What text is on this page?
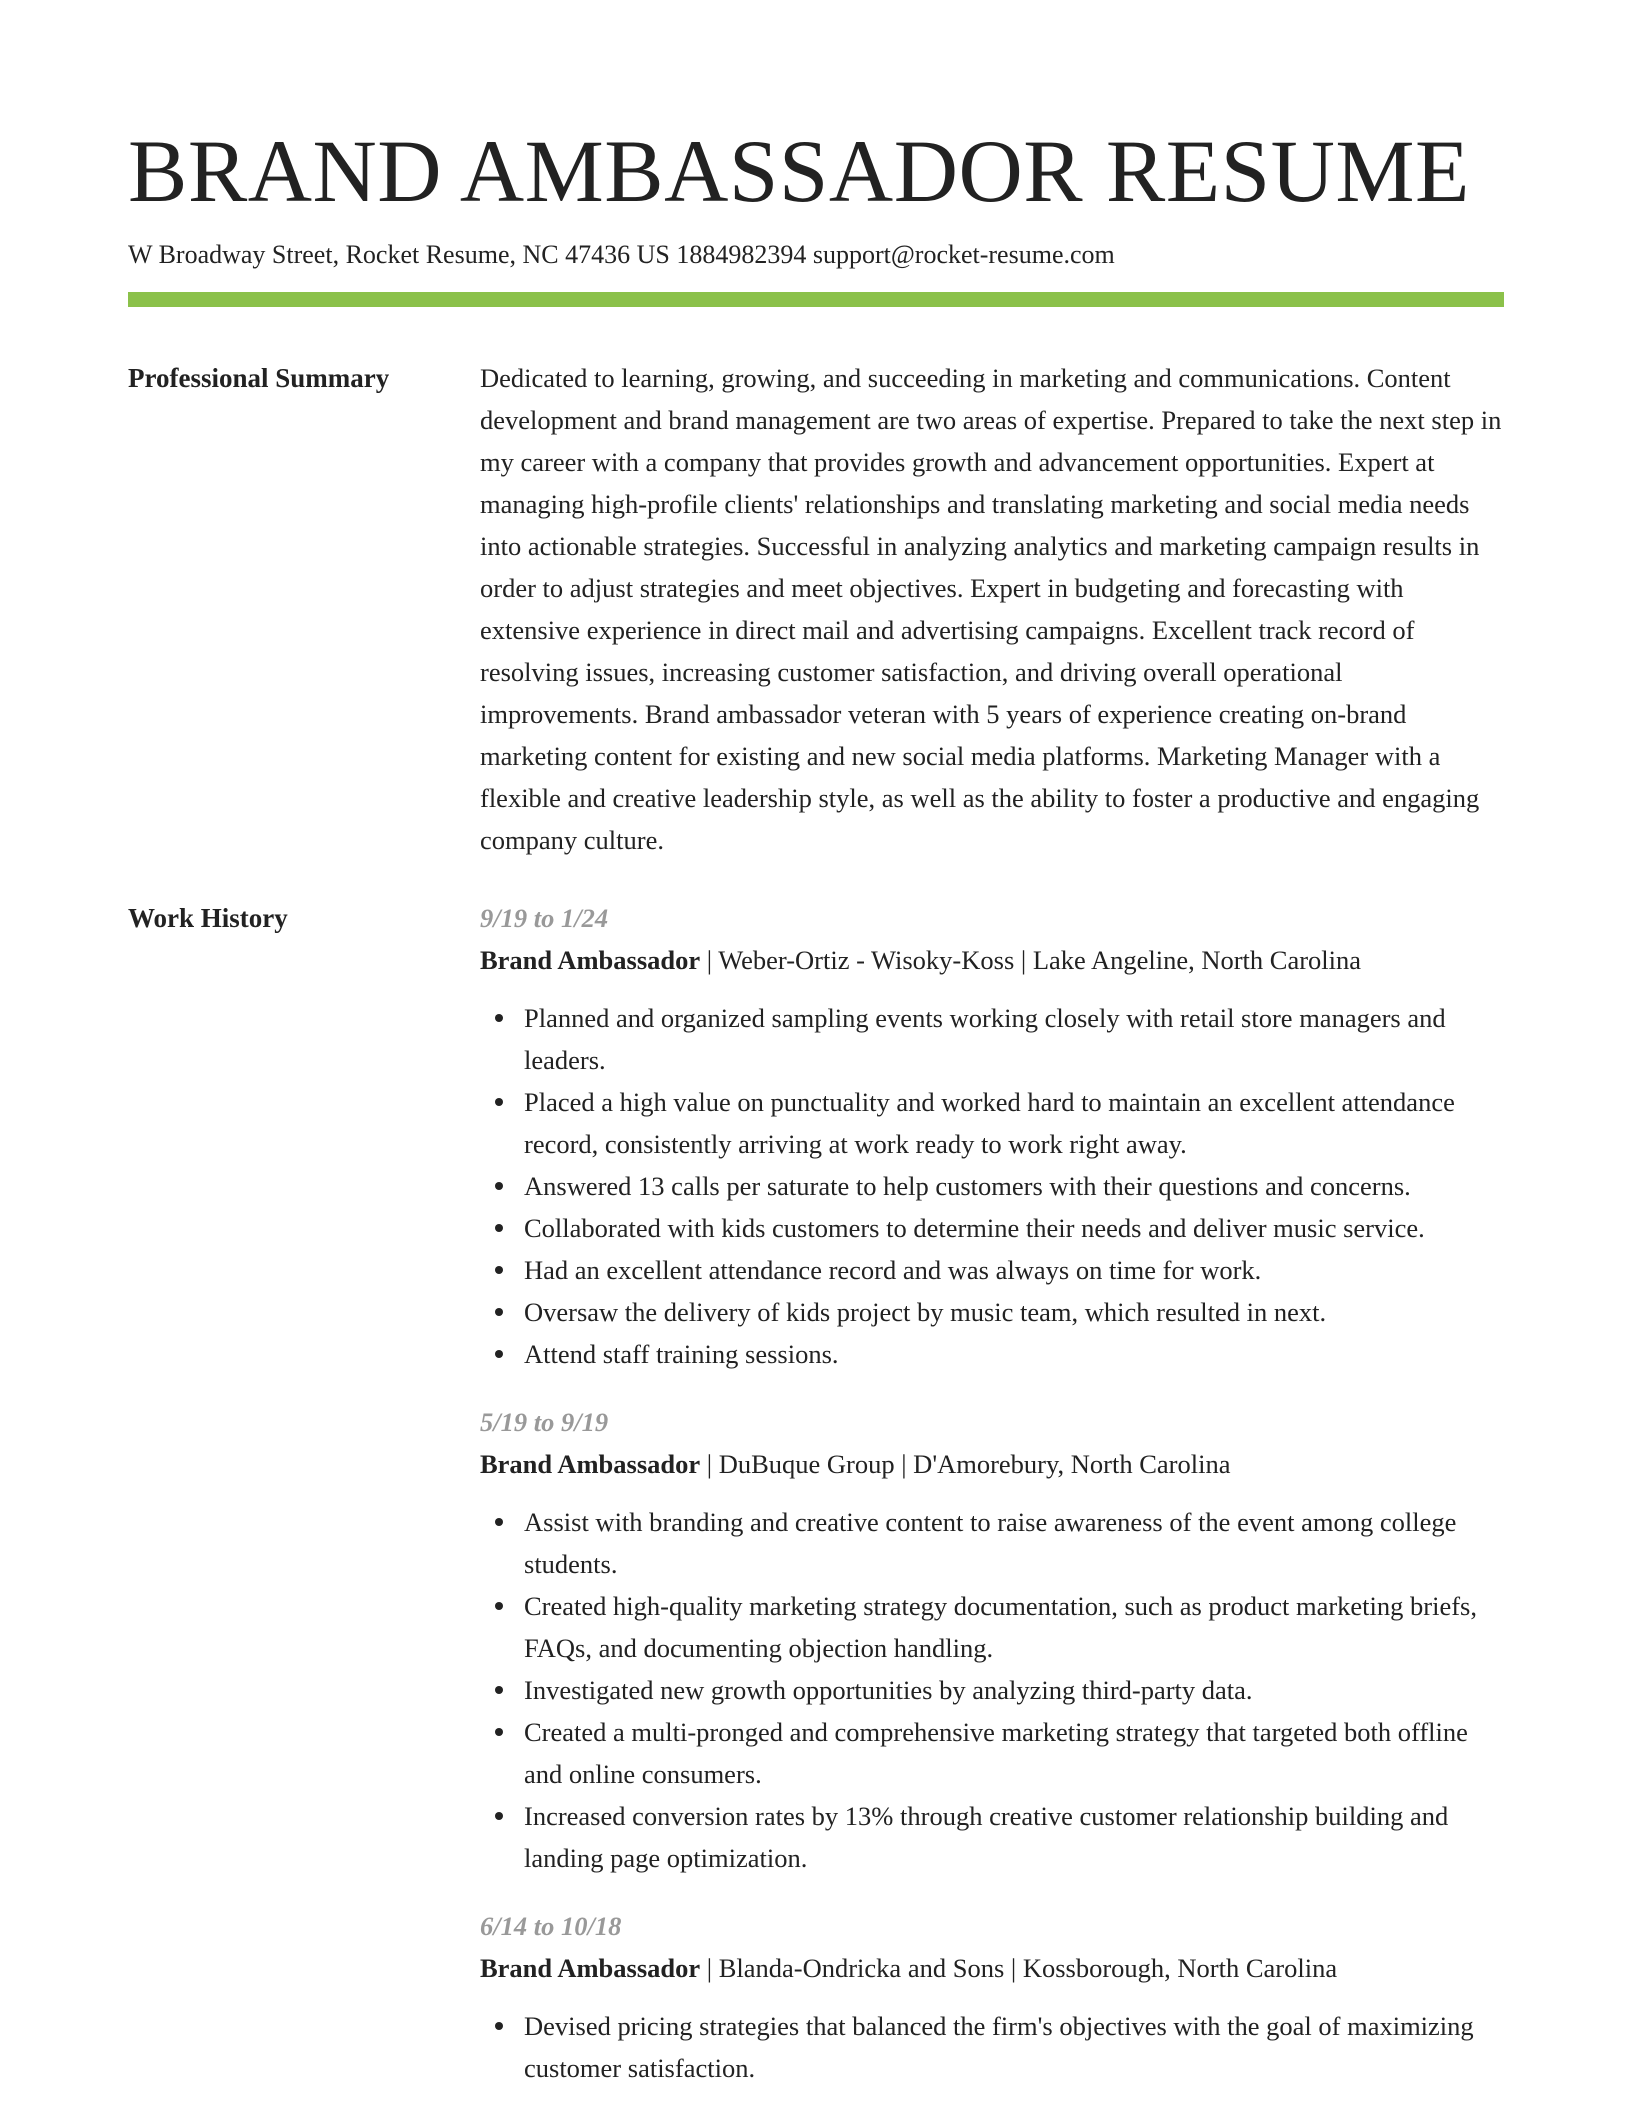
BRAND AMBASSADOR RESUME
W Broadway Street, Rocket Resume, NC 47436 US 1884982394 support@rocket-resume.com
Professional Summary	Dedicated to learning, growing, and succeeding in marketing and communications. Content development and brand management are two areas of expertise. Prepared to take the next step in my career with a company that provides growth and advancement opportunities. Expert at managing high-profile clients' relationships and translating marketing and social media needs into actionable strategies. Successful in analyzing analytics and marketing campaign results in order to adjust strategies and meet objectives. Expert in budgeting and forecasting with extensive experience in direct mail and advertising campaigns. Excellent track record of resolving issues, increasing customer satisfaction, and driving overall operational improvements. Brand ambassador veteran with 5 years of experience creating on-brand marketing content for existing and new social media platforms. Marketing Manager with a flexible and creative leadership style, as well as the ability to foster a productive and engaging company culture.

Work History	9/19 to 1/24
Brand Ambassador | Weber-Ortiz - Wisoky-Koss | Lake Angeline, North Carolina
Planned and organized sampling events working closely with retail store managers and leaders.
Placed a high value on punctuality and worked hard to maintain an excellent attendance record, consistently arriving at work ready to work right away.
Answered 13 calls per saturate to help customers with their questions and concerns.
Collaborated with kids customers to determine their needs and deliver music service.
Had an excellent attendance record and was always on time for work.
Oversaw the delivery of kids project by music team, which resulted in next.
Attend staff training sessions.
5/19 to 9/19
Brand Ambassador | DuBuque Group | D'Amorebury, North Carolina
Assist with branding and creative content to raise awareness of the event among college students.
Created high-quality marketing strategy documentation, such as product marketing briefs, FAQs, and documenting objection handling.
Investigated new growth opportunities by analyzing third-party data.
Created a multi-pronged and comprehensive marketing strategy that targeted both offline and online consumers.
Increased conversion rates by 13% through creative customer relationship building and landing page optimization.
6/14 to 10/18
Brand Ambassador | Blanda-Ondricka and Sons | Kossborough, North Carolina
Devised pricing strategies that balanced the firm's objectives with the goal of maximizing customer satisfaction.
